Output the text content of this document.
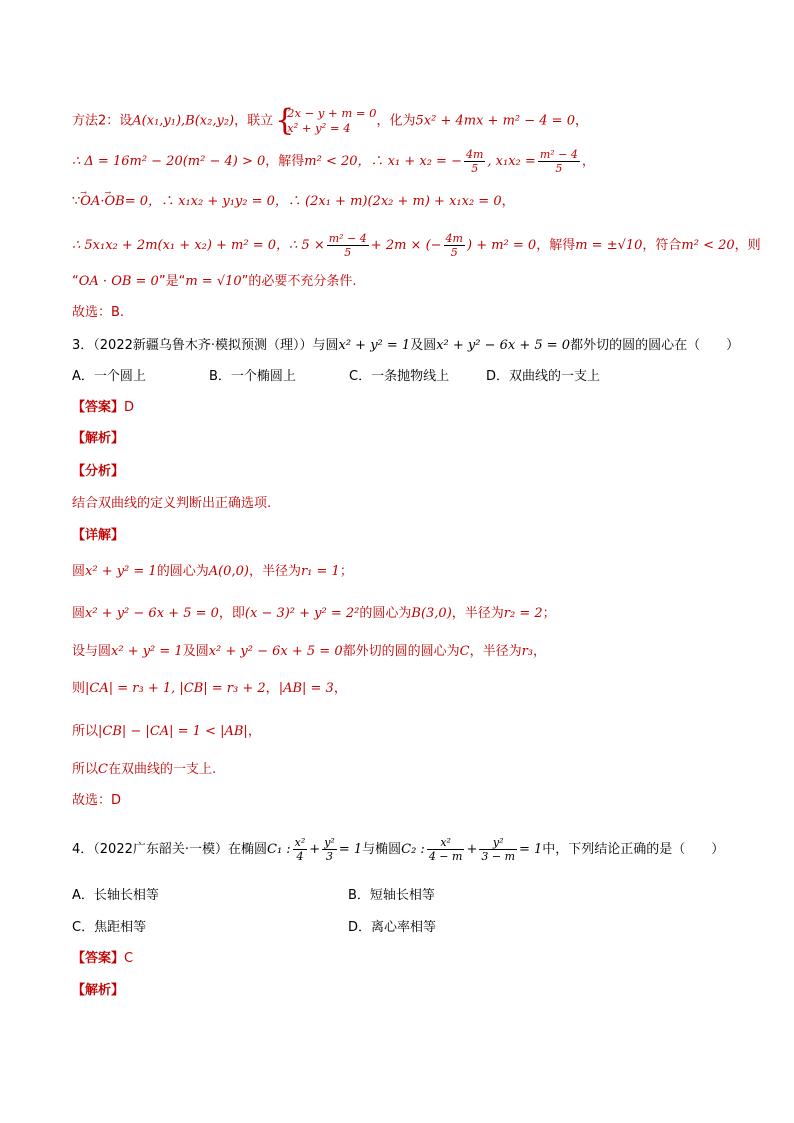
方法2：设A(x₁,y₁),B(x₂,y₂)，联立
{ 2x − y + m = 0
x² + y² = 4	，化为5x² + 4mx + m² − 4 = 0，
∴ Δ = 16m² − 20(m² − 4) > 0，解得m² < 20，∴ x₁ + x₂ = − $\frac{4m}{5}$ , $x_1x_2 = \frac{\text{m² − 4}}{5}$ ，
∵→ OA·→ OB= 0，∴ x₁x₂ + y₁y₂ = 0，∴ (2x₁ + m)(2x₂ + m) + x₁x₂ = 0，
∴ 5x₁x₂ + 2m(x₁ + x₂) + m² = 0，∴ $5 \times \frac{\text{m² − 4}}{5} + 2m$ × (− $\frac{4m}{5}$ ) + m² = 0，解得m = ±√10，符合m² < 20，则
“OA · OB = 0”是“m = √10”的必要不充分条件.
故选：B.
3．（2022新疆乌鲁木齐·模拟预测（理））与圆x² + y² = 1及圆x² + y² − 6x + 5 = 0都外切的圆的圆心在（　　）
A．一个圆上	B．一个椭圆上	C．一条抛物线上	D．双曲线的一支上
【答案】D
【解析】
【分析】
结合双曲线的定义判断出正确选项.
【详解】
圆x² + y² = 1的圆心为A(0,0)，半径为r₁ = 1；
圆x² + y² − 6x + 5 = 0，即(x − 3)² + y² = 2²的圆心为B(3,0)，半径为r₂ = 2；
设与圆x² + y² = 1及圆x² + y² − 6x + 5 = 0都外切的圆的圆心为C，半径为r₃，
则|CA| = r₃ + 1, |CB| = r₃ + 2，|AB| = 3，
所以|CB| − |CA| = 1 < |AB|，
所以C在双曲线的一支上.
故选：D
4．（2022广东韶关·一模）在椭圆C₁ : $\frac{\text{x²}}{4} + \frac{\text{y²}}{3} = 1$与椭圆C₂ : $\frac{\text{x²}}{4 - m} + \frac{\text{y²}}{3 - m} = 1$中，下列结论正确的是（　　）
A．长轴长相等	B．短轴长相等
C．焦距相等	D．离心率相等
【答案】C
【解析】
